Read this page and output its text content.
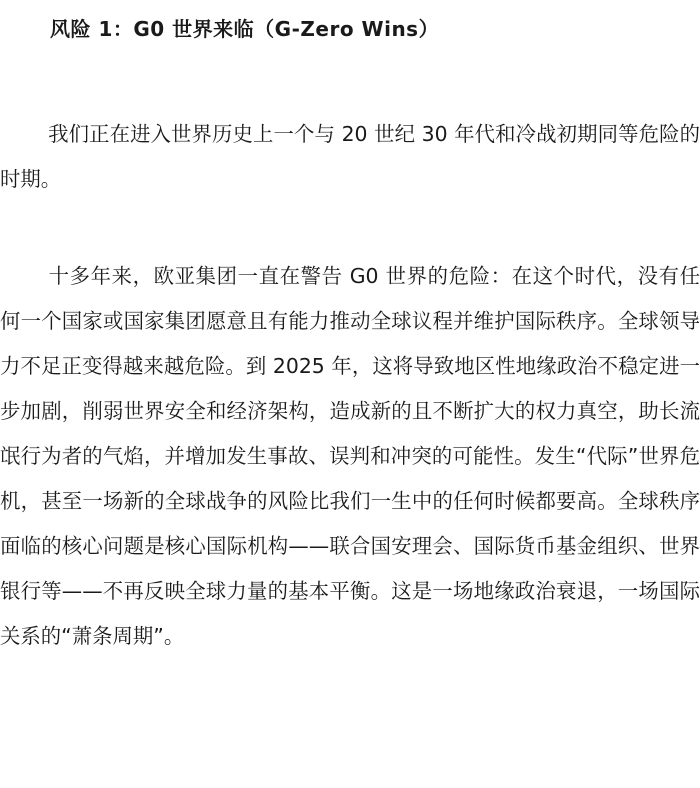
风险 1：G0 世界来临（G-Zero Wins）
我们正在进入世界历史上一个与 20 世纪 30 年代和冷战初期同等危险的时期。
十多年来，欧亚集团一直在警告 G0 世界的危险：在这个时代，没有任何一个国家或国家集团愿意且有能力推动全球议程并维护国际秩序。全球领导力不足正变得越来越危险。到 2025 年，这将导致地区性地缘政治不稳定进一步加剧，削弱世界安全和经济架构，造成新的且不断扩大的权力真空，助长流氓行为者的气焰，并增加发生事故、误判和冲突的可能性。发生“代际”世界危机，甚至一场新的全球战争的风险比我们一生中的任何时候都要高。全球秩序面临的核心问题是核心国际机构——联合国安理会、国际货币基金组织、世界银行等——不再反映全球力量的基本平衡。这是一场地缘政治衰退，一场国际关系的“萧条周期”。
